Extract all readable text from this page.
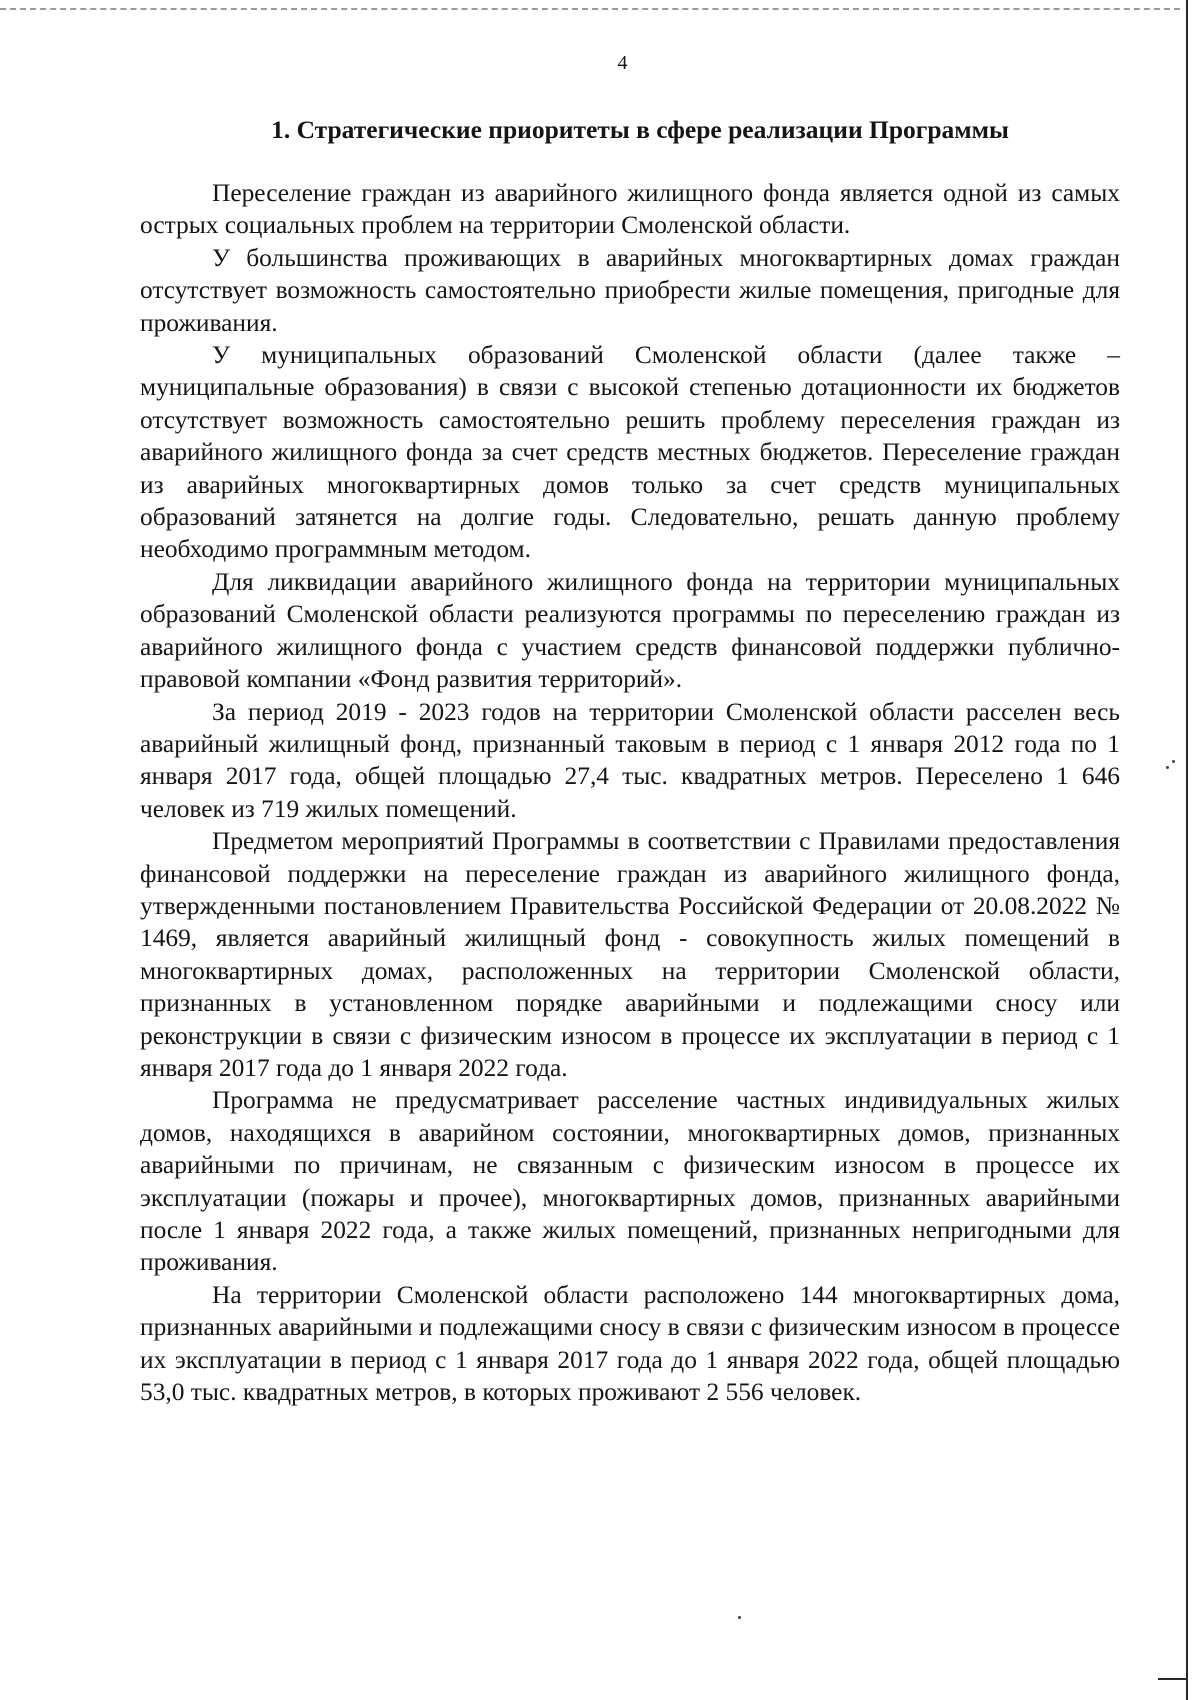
4
1. Стратегические приоритеты в сфере реализации Программы

Переселение граждан из аварийного жилищного фонда является одной из самых острых социальных проблем на территории Смоленской области.

У большинства проживающих в аварийных многоквартирных домах граждан отсутствует возможность самостоятельно приобрести жилые помещения, пригодные для проживания.

У муниципальных образований Смоленской области (далее также – муниципальные образования) в связи с высокой степенью дотационности их бюджетов отсутствует возможность самостоятельно решить проблему переселения граждан из аварийного жилищного фонда за счет средств местных бюджетов. Переселение граждан из аварийных многоквартирных домов только за счет средств муниципальных образований затянется на долгие годы. Следовательно, решать данную проблему необходимо программным методом.

Для ликвидации аварийного жилищного фонда на территории муниципальных образований Смоленской области реализуются программы по переселению граждан из аварийного жилищного фонда с участием средств финансовой поддержки публично-правовой компании «Фонд развития территорий».

За период 2019 - 2023 годов на территории Смоленской области расселен весь аварийный жилищный фонд, признанный таковым в период с 1 января 2012 года по 1 января 2017 года, общей площадью 27,4 тыс. квадратных метров. Переселено 1 646 человек из 719 жилых помещений.

Предметом мероприятий Программы в соответствии с Правилами предоставления финансовой поддержки на переселение граждан из аварийного жилищного фонда, утвержденными постановлением Правительства Российской Федерации от 20.08.2022 № 1469, является аварийный жилищный фонд - совокупность жилых помещений в многоквартирных домах, расположенных на территории Смоленской области, признанных в установленном порядке аварийными и подлежащими сносу или реконструкции в связи с физическим износом в процессе их эксплуатации в период с 1 января 2017 года до 1 января 2022 года.

Программа не предусматривает расселение частных индивидуальных жилых домов, находящихся в аварийном состоянии, многоквартирных домов, признанных аварийными по причинам, не связанным с физическим износом в процессе их эксплуатации (пожары и прочее), многоквартирных домов, признанных аварийными после 1 января 2022 года, а также жилых помещений, признанных непригодными для проживания.

На территории Смоленской области расположено 144 многоквартирных дома, признанных аварийными и подлежащими сносу в связи с физическим износом в процессе их эксплуатации в период с 1 января 2017 года до 1 января 2022 года, общей площадью 53,0 тыс. квадратных метров, в которых проживают 2 556 человек.
